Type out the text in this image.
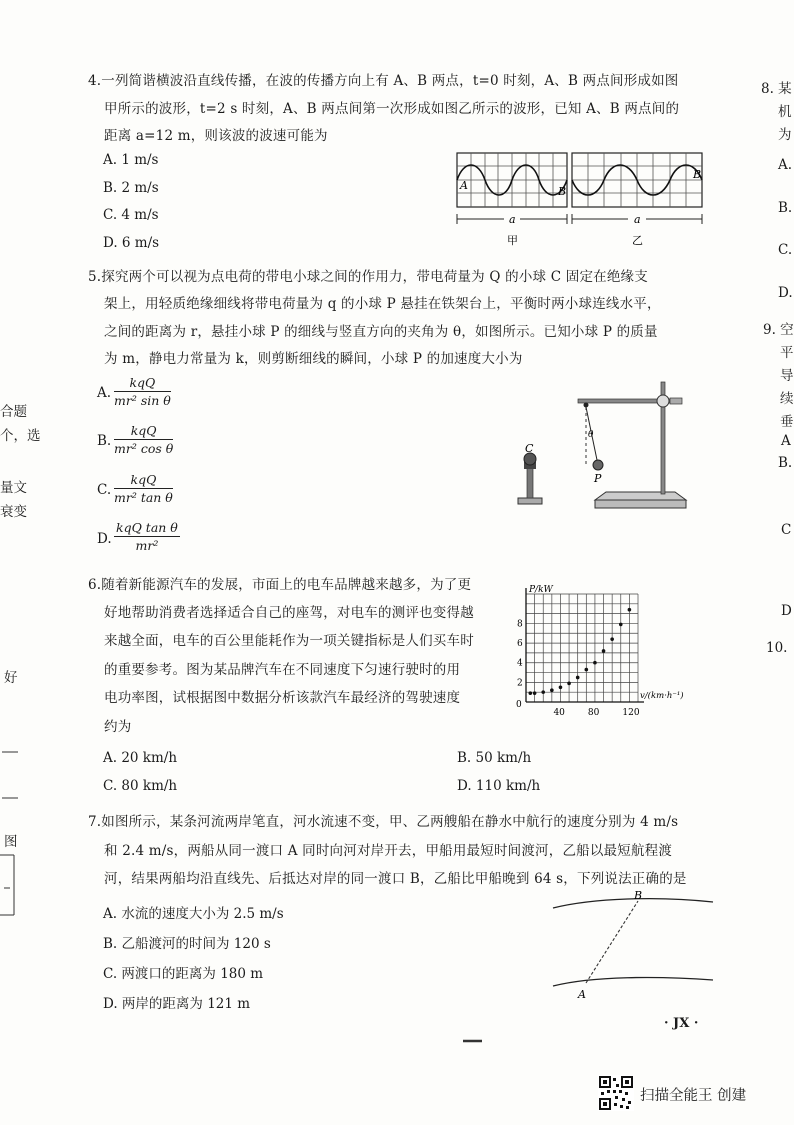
4.一列简谐横波沿直线传播，在波的传播方向上有 A、B 两点，t=0 时刻，A、B 两点间形成如图
甲所示的波形，t=2 s 时刻，A、B 两点间第一次形成如图乙所示的波形，已知 A、B 两点间的
距离 a=12 m，则该波的波速可能为
A. 1 m/s
B. 2 m/s
C. 4 m/s
D. 6 m/s
A	B
B
a	a
甲	乙
5.探究两个可以视为点电荷的带电小球之间的作用力，带电荷量为 Q 的小球 C 固定在绝缘支
架上，用轻质绝缘细线将带电荷量为 q 的小球 P 悬挂在铁架台上，平衡时两小球连线水平，
之间的距离为 r，悬挂小球 P 的细线与竖直方向的夹角为 θ，如图所示。已知小球 P 的质量
为 m，静电力常量为 k，则剪断细线的瞬间，小球 P 的加速度大小为
A.
kqQ
mr² sin θ
B.
kqQ
mr² cos θ
C.
kqQ
mr² tan θ
D.
kqQ tan θ
mr²
θ
P
C
6.随着新能源汽车的发展，市面上的电车品牌越来越多，为了更
好地帮助消费者选择适合自己的座驾，对电车的测评也变得越
来越全面，电车的百公里能耗作为一项关键指标是人们买车时
的重要参考。图为某品牌汽车在不同速度下匀速行驶时的用
电功率图，试根据图中数据分析该款汽车最经济的驾驶速度
约为
A. 20 km/h	B. 50 km/h
C. 80 km/h	D. 110 km/h
40	80	120
2
4
6
8
P/kW
v/(km·h⁻¹)
0
7.如图所示，某条河流两岸笔直，河水流速不变，甲、乙两艘船在静水中航行的速度分别为 4 m/s
和 2.4 m/s，两船从同一渡口 A 同时向河对岸开去，甲船用最短时间渡河，乙船以最短航程渡
河，结果两船均沿直线先、后抵达对岸的同一渡口 B，乙船比甲船晚到 64 s，下列说法正确的是
A. 水流的速度大小为 2.5 m/s
B. 乙船渡河的时间为 120 s
C. 两渡口的距离为 180 m
D. 两岸的距离为 121 m
A
B
8. 某
机
为
A.
B.
C.
D.
9. 空
平
导
续
垂
A
B.
C
D
10.
合题
个，选
量文
衰变
好
图
· JX ·
扫描全能王 创建
